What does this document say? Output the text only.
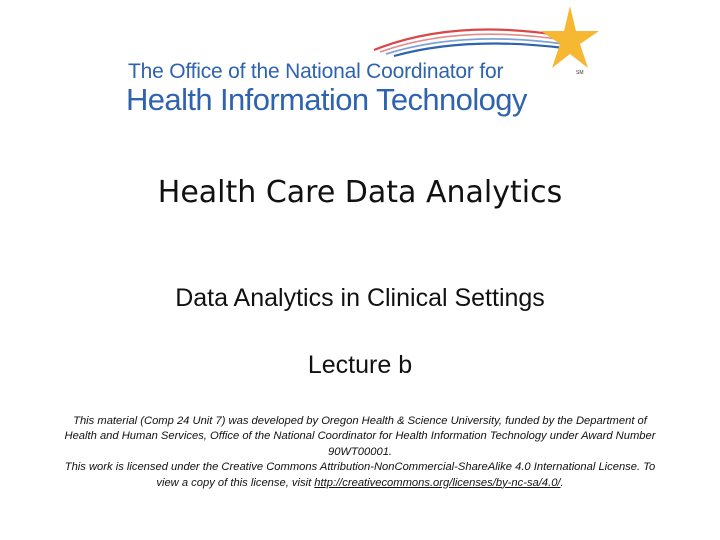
The Office of the National Coordinator for
Health Information Technology
SM
Health Care Data Analytics
Data Analytics in Clinical Settings
Lecture b
This material (Comp 24 Unit 7) was developed by Oregon Health & Science University, funded by the Department of Health and Human Services, Office of the National Coordinator for Health Information Technology under Award Number 90WT00001.
This work is licensed under the Creative Commons Attribution-NonCommercial-ShareAlike 4.0 International License. To view a copy of this license, visit http://creativecommons.org/licenses/by-nc-sa/4.0/.
